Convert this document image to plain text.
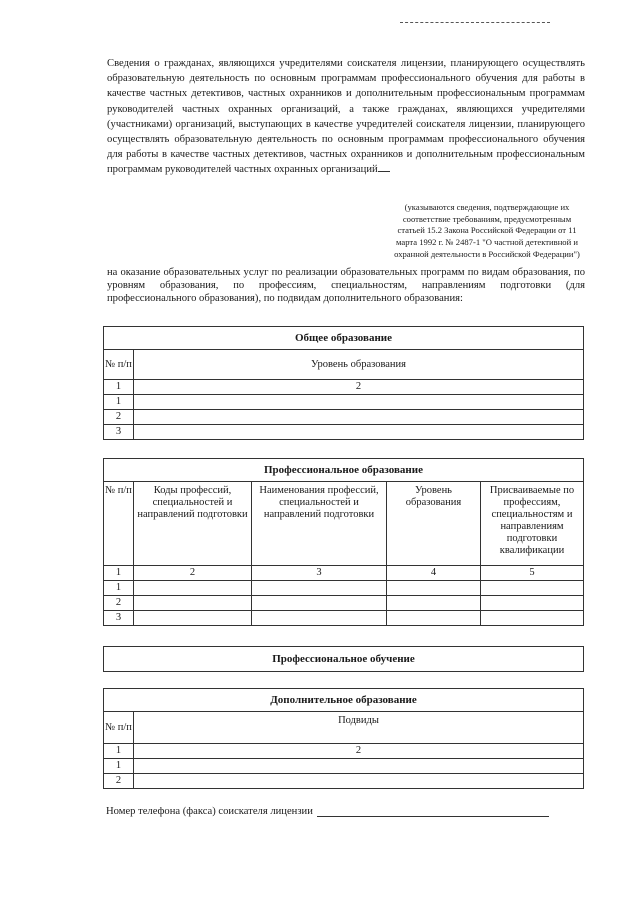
Сведения о гражданах, являющихся учредителями соискателя лицензии, планирующего осуществлять образовательную деятельность по основным программам профессионального обучения для работы в качестве частных детективов, частных охранников и дополнительным профессиональным программам руководителей частных охранных организаций, а также гражданах, являющихся учредителями (участниками) организаций, выступающих в качестве учредителей соискателя лицензии, планирующего осуществлять образовательную деятельность по основным программам профессионального обучения для работы в качестве частных детективов, частных охранников и дополнительным профессиональным программам руководителей частных охранных организаций

(указываются сведения, подтверждающие их соответствие требованиям, предусмотренным статьей 15.2 Закона Российской Федерации от 11 марта 1992 г. № 2487-1 "О частной детективной и охранной деятельности в Российской Федерации")

на оказание образовательных услуг по реализации образовательных программ по видам образования, по уровням образования, по профессиям, специальностям, направлениям подготовки (для профессионального образования), по подвидам дополнительного образования:

Общее образование	
№ п/п	Уровень образования
1	2
1	
2	
3	
Профессиональное образование				
№ п/п	Коды профессий, специальностей и направлений подготовки	Наименования профессий, специальностей и направлений подготовки	Уровень образования	Присваиваемые по профессиям, специальностям и направлениям подготовки квалификации
1	2	3	4	5
1				
2				
3				
Профессиональное обучение
Дополнительное образование	
№ п/п	Подвиды
1	2
1	
2	
Номер телефона (факса) соискателя лицензии
